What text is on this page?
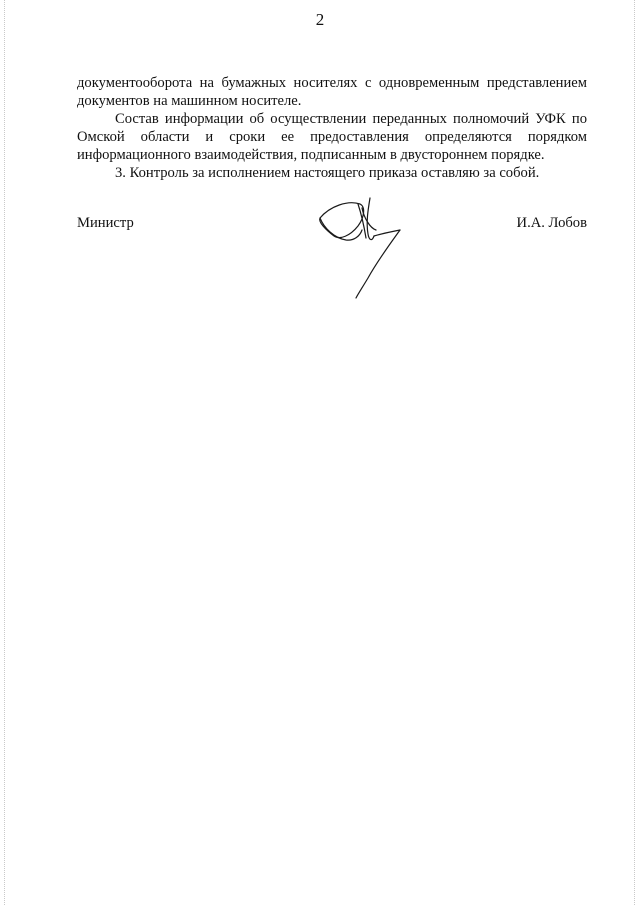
2

документооборота на бумажных носителях с одновременным представлением документов на машинном носителе.

Состав информации об осуществлении переданных полномочий УФК по Омской области и сроки ее предоставления определяются порядком информационного взаимодействия, подписанным в двустороннем порядке.

3. Контроль за исполнением настоящего приказа оставляю за собой.

Министр	И.А. Лобов
